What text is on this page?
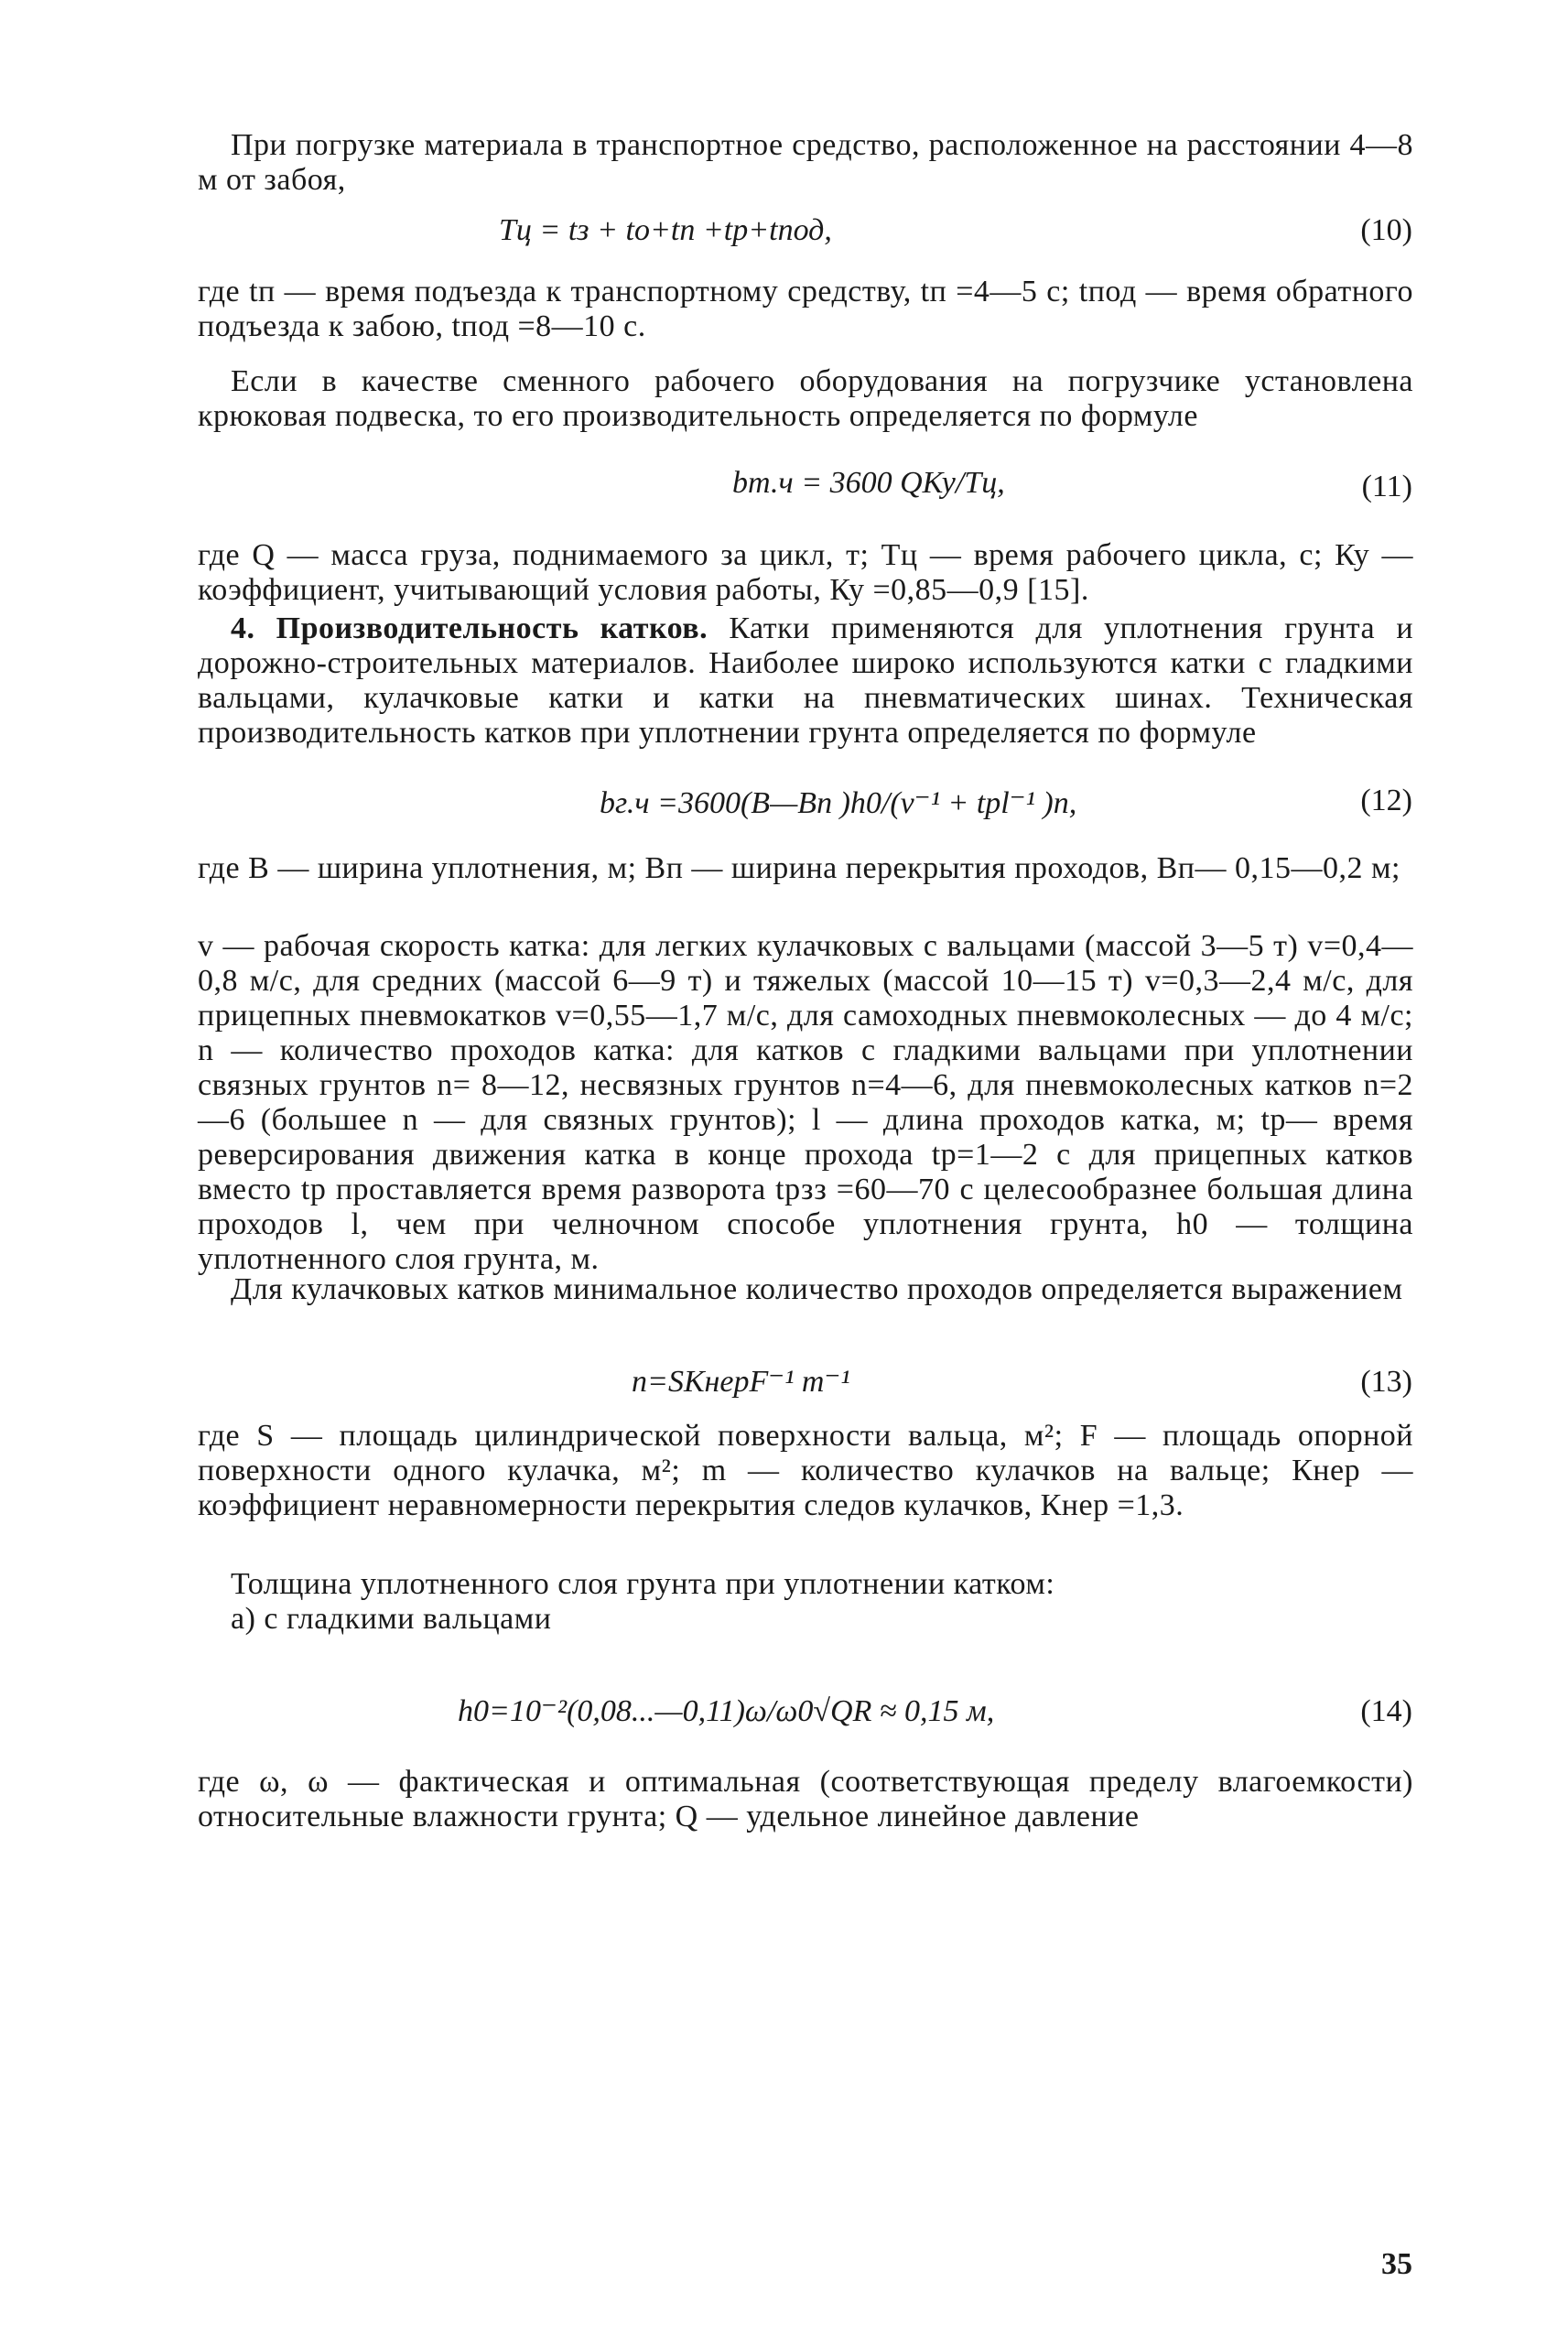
При погрузке материала в транспортное средство, расположенное на расстоянии 4—8 м от забоя,
Tц = tз + to+tп +tр+tпод,	(10)
где tп — время подъезда к транспортному средству, tп =4—5 с; tпод — время обратного подъезда к забою, tпод =8—10 с.
Если в качестве сменного рабочего оборудования на погрузчике установлена крюковая подвеска, то его производительность определяется по формуле
bт.ч = 3600 QКу/Tц,	(11)
где Q — масса груза, поднимаемого за цикл, т; Tц — время рабочего цикла, с; Ку — коэффициент, учитывающий условия работы, Ку =0,85—0,9 [15].
4. Производительность катков. Катки применяются для уплотнения грунта и дорожно-строительных материалов. Наиболее широко используются катки с гладкими вальцами, кулачковые катки и катки на пневматических шинах. Техническая производительность катков при уплотнении грунта определяется по формуле
bг.ч =3600(B—Bп )h0/(v⁻¹ + tрl⁻¹ )n,	(12)
где B — ширина уплотнения, м; Bп — ширина перекрытия проходов, Bп— 0,15—0,2 м;
v — рабочая скорость катка: для легких кулачковых с вальцами (массой 3—5 т) v=0,4—0,8 м/с, для средних (массой 6—9 т) и тяжелых (массой 10—15 т) v=0,3—2,4 м/с, для прицепных пневмокатков v=0,55—1,7 м/с, для самоходных пневмоколесных — до 4 м/с; n — количество проходов катка: для катков с гладкими вальцами при уплотнении связных грунтов n= 8—12, несвязных грунтов n=4—6, для пневмоколесных катков n=2—6 (большее n — для связных грунтов); l — длина проходов катка, м; tр— время реверсирования движения катка в конце прохода tр=1—2 с для прицепных катков вместо tр проставляется время разворота tрзз =60—70 с целесообразнее большая длина проходов l, чем при челночном способе уплотнения грунта, h0 — толщина уплотненного слоя грунта, м.
Для кулачковых катков минимальное количество проходов определяется выражением
n=SКнерF⁻¹ m⁻¹	(13)
где S — площадь цилиндрической поверхности вальца, м²; F — площадь опорной поверхности одного кулачка, м²; m — количество кулачков на вальце; Кнер — коэффициент неравномерности перекрытия следов кулачков, Кнер =1,3.
Толщина уплотненного слоя грунта при уплотнении катком:
а) с гладкими вальцами
h0=10⁻²(0,08...—0,11)ω/ω0√QR ≈ 0,15 м,	(14)
где ω, ω — фактическая и оптимальная (соответствующая пределу влагоемкости) относительные влажности грунта; Q — удельное линейное давление
35
